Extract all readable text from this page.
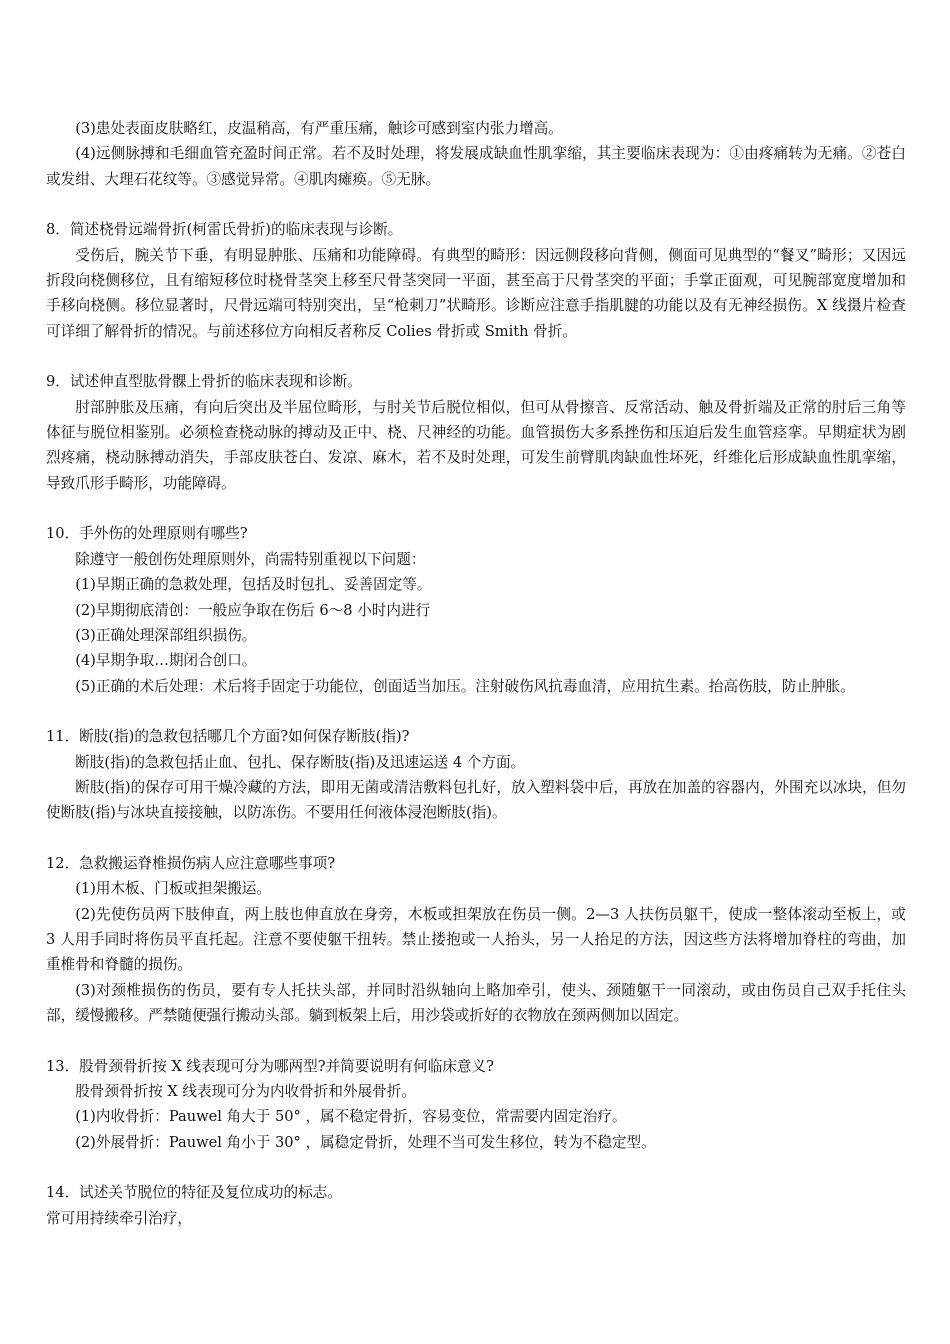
(3)患处表面皮肤略红，皮温稍高，有严重压痛，触诊可感到室内张力增高。

(4)远侧脉搏和毛细血管充盈时间正常。若不及时处理，将发展成缺血性肌挛缩，其主要临床表现为：①由疼痛转为无痛。②苍白或发绀、大理石花纹等。③感觉异常。④肌肉瘫痪。⑤无脉。

8．简述桡骨远端骨折(柯雷氏骨折)的临床表现与诊断。

受伤后，腕关节下垂，有明显肿胀、压痛和功能障碍。有典型的畸形：因远侧段移向背侧，侧面可见典型的“餐叉”畸形；又因远折段向桡侧移位，且有缩短移位时桡骨茎突上移至尺骨茎突同一平面，甚至高于尺骨茎突的平面；手掌正面观，可见腕部宽度增加和手移向桡侧。移位显著时，尺骨远端可特别突出，呈“枪刺刀”状畸形。诊断应注意手指肌腱的功能以及有无神经损伤。X 线摄片检查可详细了解骨折的情况。与前述移位方向相反者称反 Colies 骨折或 Smith 骨折。

9．试述伸直型肱骨髁上骨折的临床表现和诊断。

肘部肿胀及压痛，有向后突出及半屈位畸形，与肘关节后脱位相似，但可从骨擦音、反常活动、触及骨折端及正常的肘后三角等体征与脱位相鉴别。必须检查桡动脉的搏动及正中、桡、尺神经的功能。血管损伤大多系挫伤和压迫后发生血管痉挛。早期症状为剧烈疼痛，桡动脉搏动消失，手部皮肤苍白、发凉、麻木，若不及时处理，可发生前臂肌肉缺血性坏死，纤维化后形成缺血性肌挛缩，导致爪形手畸形，功能障碍。

10．手外伤的处理原则有哪些?

除遵守一般创伤处理原则外，尚需特别重视以下问题：

(1)早期正确的急救处理，包括及时包扎、妥善固定等。

(2)早期彻底清创：一般应争取在伤后 6～8 小时内进行

(3)正确处理深部组织损伤。

(4)早期争取…期闭合创口。

(5)正确的术后处理：术后将手固定于功能位，创面适当加压。注射破伤风抗毒血清，应用抗生素。抬高伤肢，防止肿胀。

11．断肢(指)的急救包括哪几个方面?如何保存断肢(指)?

断肢(指)的急救包括止血、包扎、保存断肢(指)及迅速运送 4 个方面。

断肢(指)的保存可用干燥冷藏的方法，即用无菌或清洁敷料包扎好，放入塑料袋中后，再放在加盖的容器内，外围充以冰块，但勿使断肢(指)与冰块直接接触，以防冻伤。不要用任何液体浸泡断肢(指)。

12．急救搬运脊椎损伤病人应注意哪些事项?

(1)用木板、门板或担架搬运。

(2)先使伤员两下肢伸直，两上肢也伸直放在身旁，木板或担架放在伤员一侧。2—3 人扶伤员躯干，使成一整体滚动至板上，或 3 人用手同时将伤员平直托起。注意不要使躯干扭转。禁止搂抱或一人抬头，另一人抬足的方法，因这些方法将增加脊柱的弯曲，加重椎骨和脊髓的损伤。

(3)对颈椎损伤的伤员，要有专人托扶头部，并同时沿纵轴向上略加牵引，使头、颈随躯干一同滚动，或由伤员自己双手托住头部，缓慢搬移。严禁随便强行搬动头部。躺到板架上后，用沙袋或折好的衣物放在颈两侧加以固定。

13．股骨颈骨折按 X 线表现可分为哪两型?并简要说明有何临床意义?

股骨颈骨折按 X 线表现可分为内收骨折和外展骨折。

(1)内收骨折：Pauwel 角大于 50° ，属不稳定骨折，容易变位，常需要内固定治疗。

(2)外展骨折：Pauwel 角小于 30° ，属稳定骨折，处理不当可发生移位，转为不稳定型。

14．试述关节脱位的特征及复位成功的标志。

常可用持续牵引治疗，
